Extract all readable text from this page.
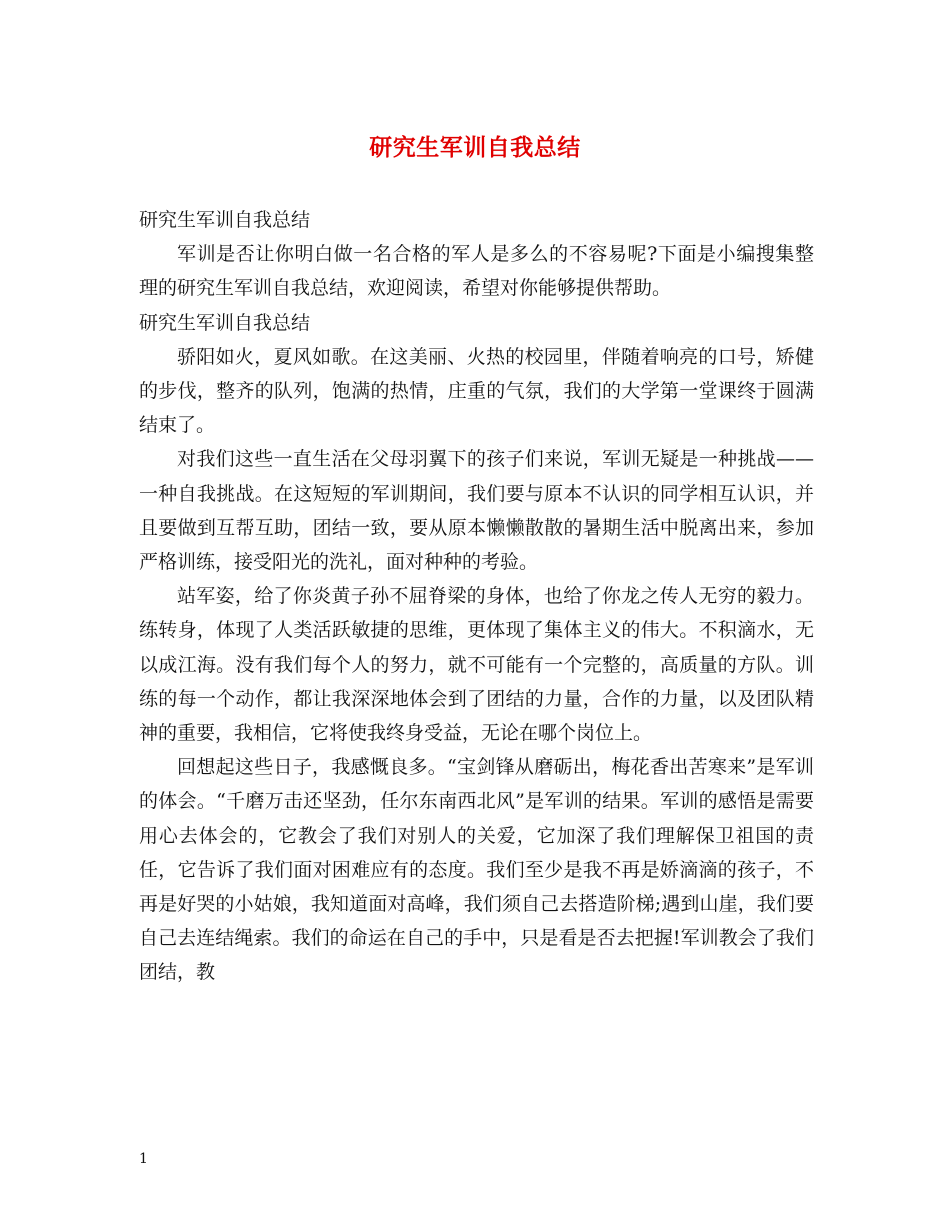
研究生军训自我总结

研究生军训自我总结

军训是否让你明白做一名合格的军人是多么的不容易呢?下面是小编搜集整理的研究生军训自我总结，欢迎阅读，希望对你能够提供帮助。

研究生军训自我总结

骄阳如火，夏风如歌。在这美丽、火热的校园里，伴随着响亮的口号，矫健的步伐，整齐的队列，饱满的热情，庄重的气氛，我们的大学第一堂课终于圆满结束了。

对我们这些一直生活在父母羽翼下的孩子们来说，军训无疑是一种挑战——一种自我挑战。在这短短的军训期间，我们要与原本不认识的同学相互认识，并且要做到互帮互助，团结一致，要从原本懒懒散散的暑期生活中脱离出来，参加严格训练，接受阳光的洗礼，面对种种的考验。

站军姿，给了你炎黄子孙不屈脊梁的身体，也给了你龙之传人无穷的毅力。练转身，体现了人类活跃敏捷的思维，更体现了集体主义的伟大。不积滴水，无以成江海。没有我们每个人的努力，就不可能有一个完整的，高质量的方队。训练的每一个动作，都让我深深地体会到了团结的力量，合作的力量，以及团队精神的重要，我相信，它将使我终身受益，无论在哪个岗位上。

回想起这些日子，我感慨良多。“宝剑锋从磨砺出，梅花香出苦寒来”是军训的体会。“千磨万击还坚劲，任尔东南西北风”是军训的结果。军训的感悟是需要用心去体会的，它教会了我们对别人的关爱，它加深了我们理解保卫祖国的责任，它告诉了我们面对困难应有的态度。我们至少是我不再是娇滴滴的孩子，不再是好哭的小姑娘，我知道面对高峰，我们须自己去搭造阶梯;遇到山崖，我们要自己去连结绳索。我们的命运在自己的手中，只是看是否去把握!军训教会了我们团结，教

1
